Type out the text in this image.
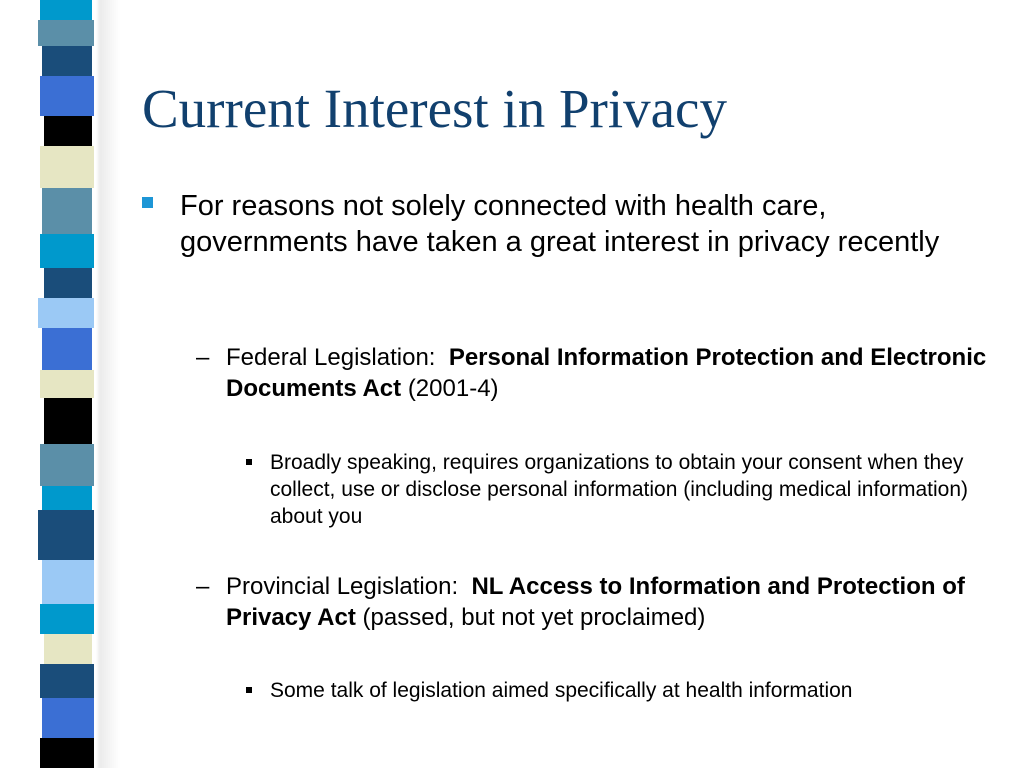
Current Interest in Privacy
For reasons not solely connected with health care, governments have taken a great interest in privacy recently
– Federal Legislation: Personal Information Protection and Electronic Documents Act (2001-4)
Broadly speaking, requires organizations to obtain your consent when they collect, use or disclose personal information (including medical information) about you
– Provincial Legislation: NL Access to Information and Protection of Privacy Act (passed, but not yet proclaimed)
Some talk of legislation aimed specifically at health information
